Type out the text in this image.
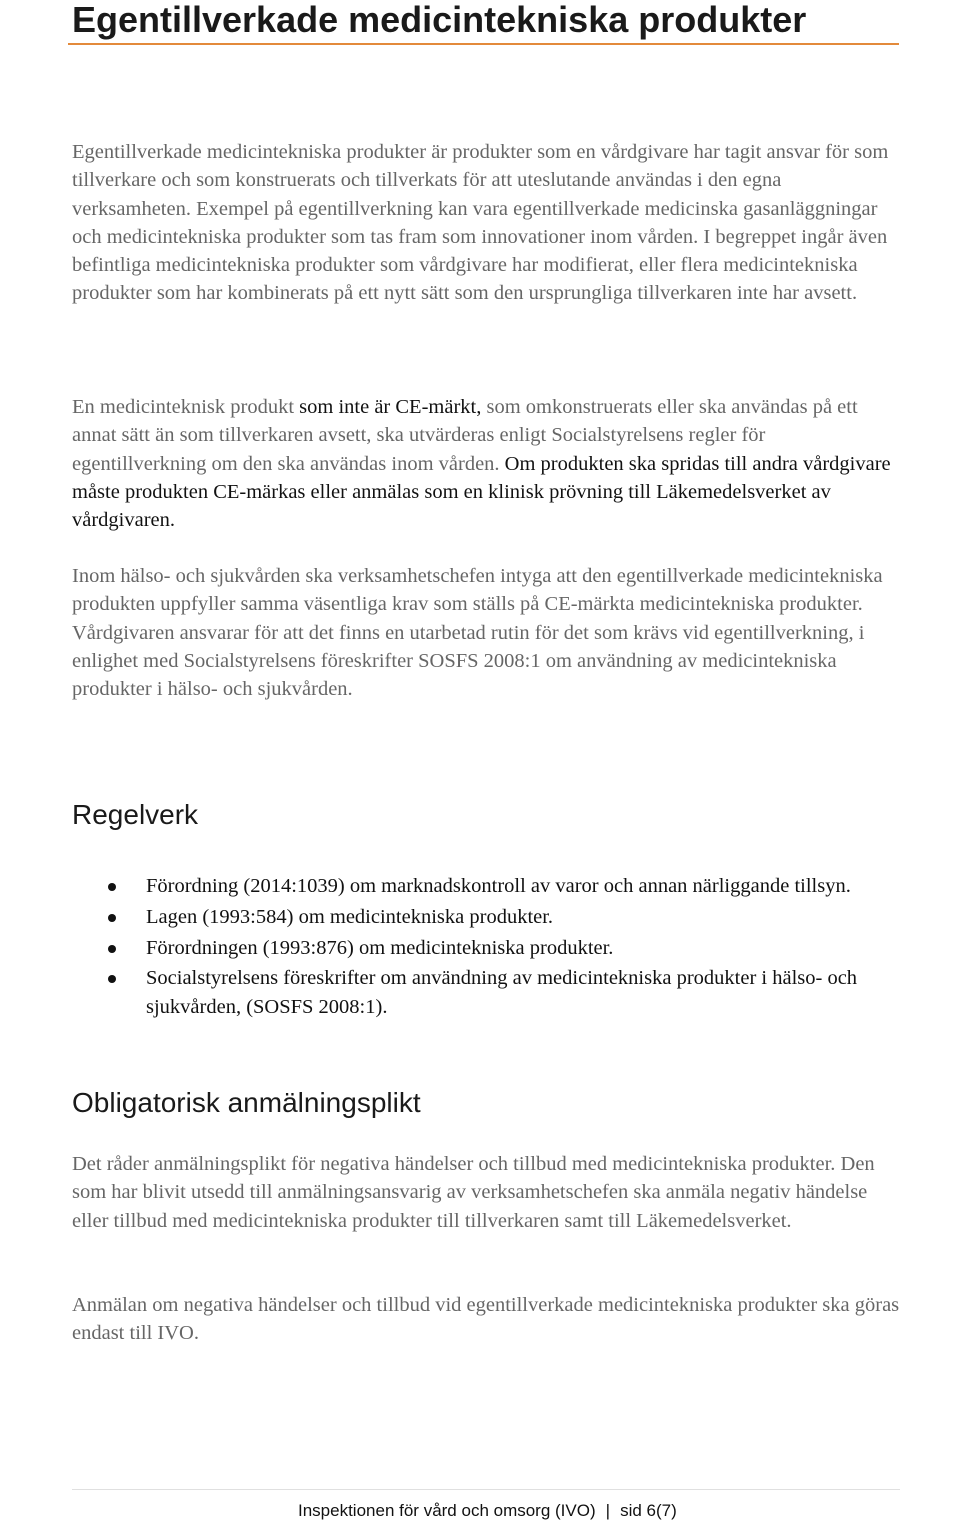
Egentillverkade medicintekniska produkter

Egentillverkade medicintekniska produkter är produkter som en vårdgivare har tagit ansvar för som tillverkare och som konstruerats och tillverkats för att uteslutande användas i den egna verksamheten. Exempel på egentillverkning kan vara egentillverkade medicinska gasanläggningar och medicintekniska produkter som tas fram som innovationer inom vården. I begreppet ingår även befintliga medicintekniska produkter som vårdgivare har modifierat, eller flera medicintekniska produkter som har kombinerats på ett nytt sätt som den ursprungliga tillverkaren inte har avsett.

En medicinteknisk produkt som inte är CE-märkt, som omkonstruerats eller ska användas på ett annat sätt än som tillverkaren avsett, ska utvärderas enligt Socialstyrelsens regler för egentillverkning om den ska användas inom vården. Om produkten ska spridas till andra vårdgivare måste produkten CE-märkas eller anmälas som en klinisk prövning till Läkemedelsverket av vårdgivaren.

Inom hälso- och sjukvården ska verksamhetschefen intyga att den egentillverkade medicintekniska produkten uppfyller samma väsentliga krav som ställs på CE-märkta medicintekniska produkter. Vårdgivaren ansvarar för att det finns en utarbetad rutin för det som krävs vid egentillverkning, i enlighet med Socialstyrelsens föreskrifter SOSFS 2008:1 om användning av medicintekniska produkter i hälso- och sjukvården.

Regelverk
Förordning (2014:1039) om marknadskontroll av varor och annan närliggande tillsyn.
Lagen (1993:584) om medicintekniska produkter.
Förordningen (1993:876) om medicintekniska produkter.
Socialstyrelsens föreskrifter om användning av medicintekniska produkter i hälso- och sjukvården, (SOSFS 2008:1).
Obligatorisk anmälningsplikt

Det råder anmälningsplikt för negativa händelser och tillbud med medicintekniska produkter. Den som har blivit utsedd till anmälningsansvarig av verksamhetschefen ska anmäla negativ händelse eller tillbud med medicintekniska produkter till tillverkaren samt till Läkemedelsverket.

Anmälan om negativa händelser och tillbud vid egentillverkade medicintekniska produkter ska göras endast till IVO.

Inspektionen för vård och omsorg (IVO) | sid 6(7)
